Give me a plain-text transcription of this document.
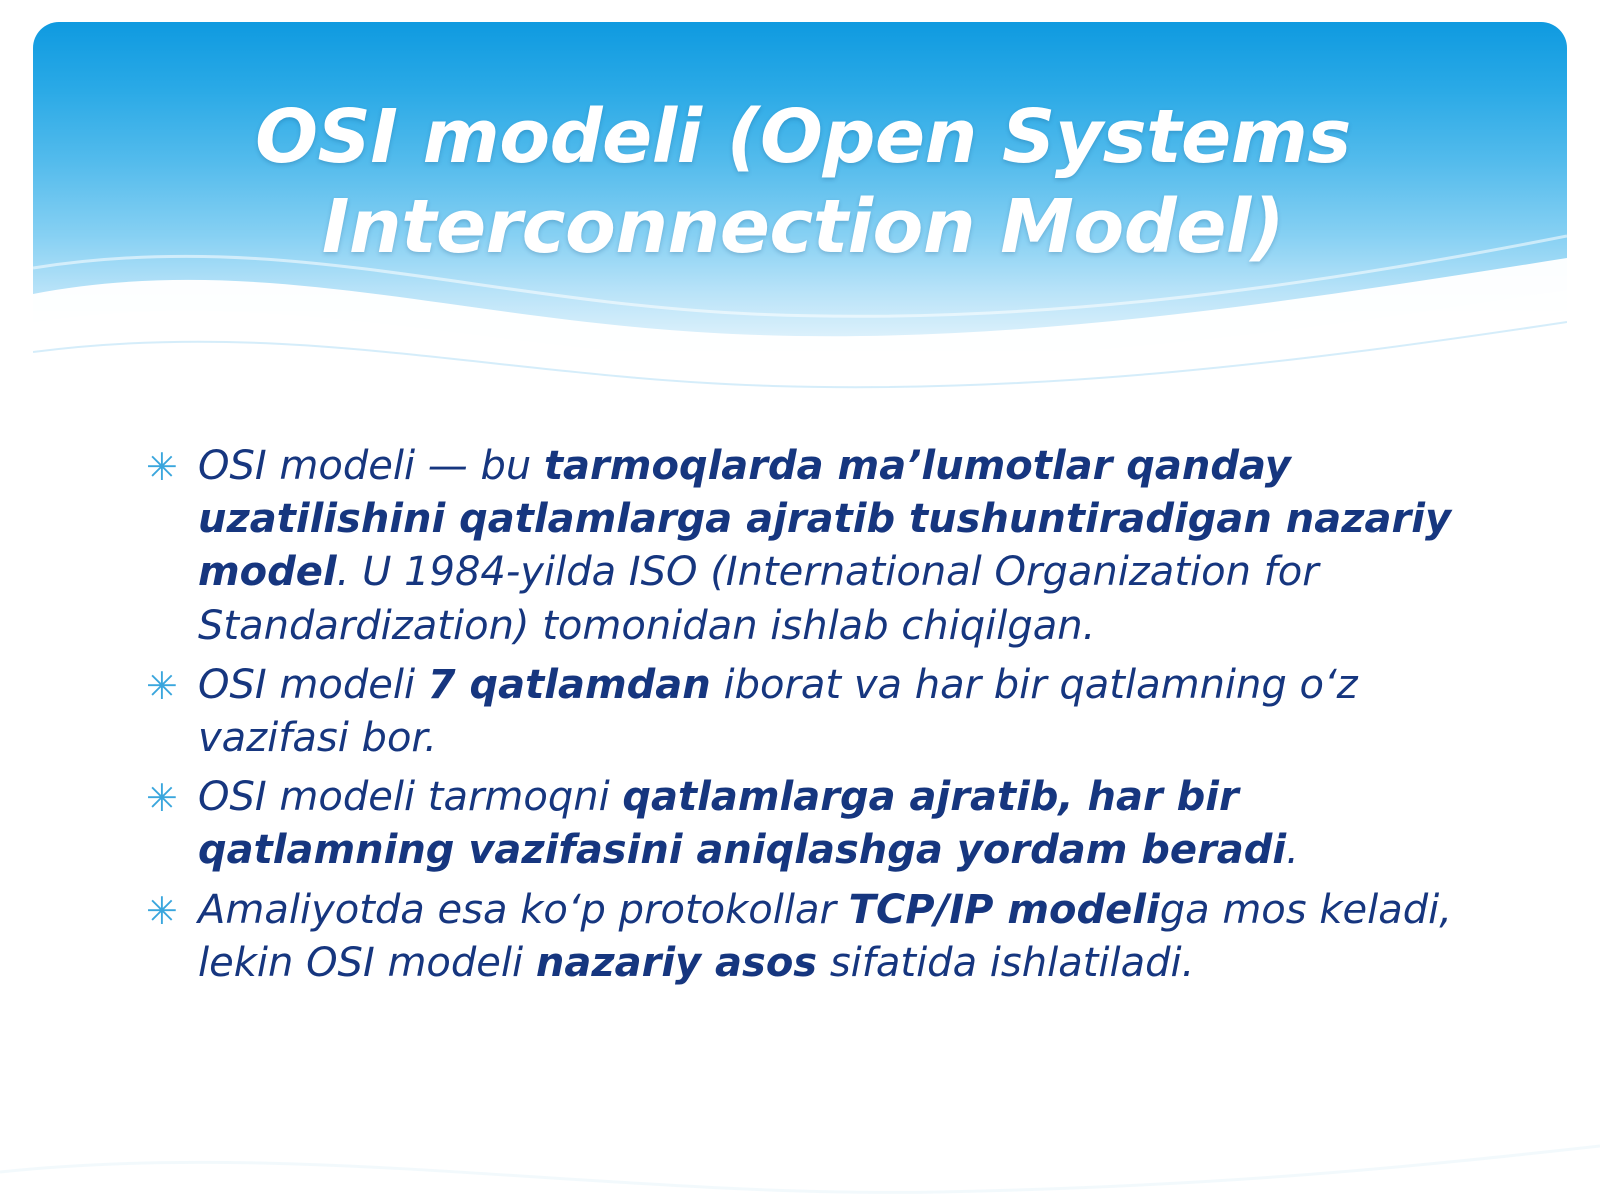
OSI modeli (Open Systems Interconnection Model)
✳ OSI modeli — bu tarmoqlarda ma’lumotlar qanday uzatilishini qatlamlarga ajratib tushuntiradigan nazariy model. U 1984-yilda ISO (International Organization for Standardization) tomonidan ishlab chiqilgan.
✳ OSI modeli 7 qatlamdan iborat va har bir qatlamning o‘z vazifasi bor.
✳ OSI modeli tarmoqni qatlamlarga ajratib, har bir qatlamning vazifasini aniqlashga yordam beradi.
✳ Amaliyotda esa ko‘p protokollar TCP/IP modeliga mos keladi, lekin OSI modeli nazariy asos sifatida ishlatiladi.
